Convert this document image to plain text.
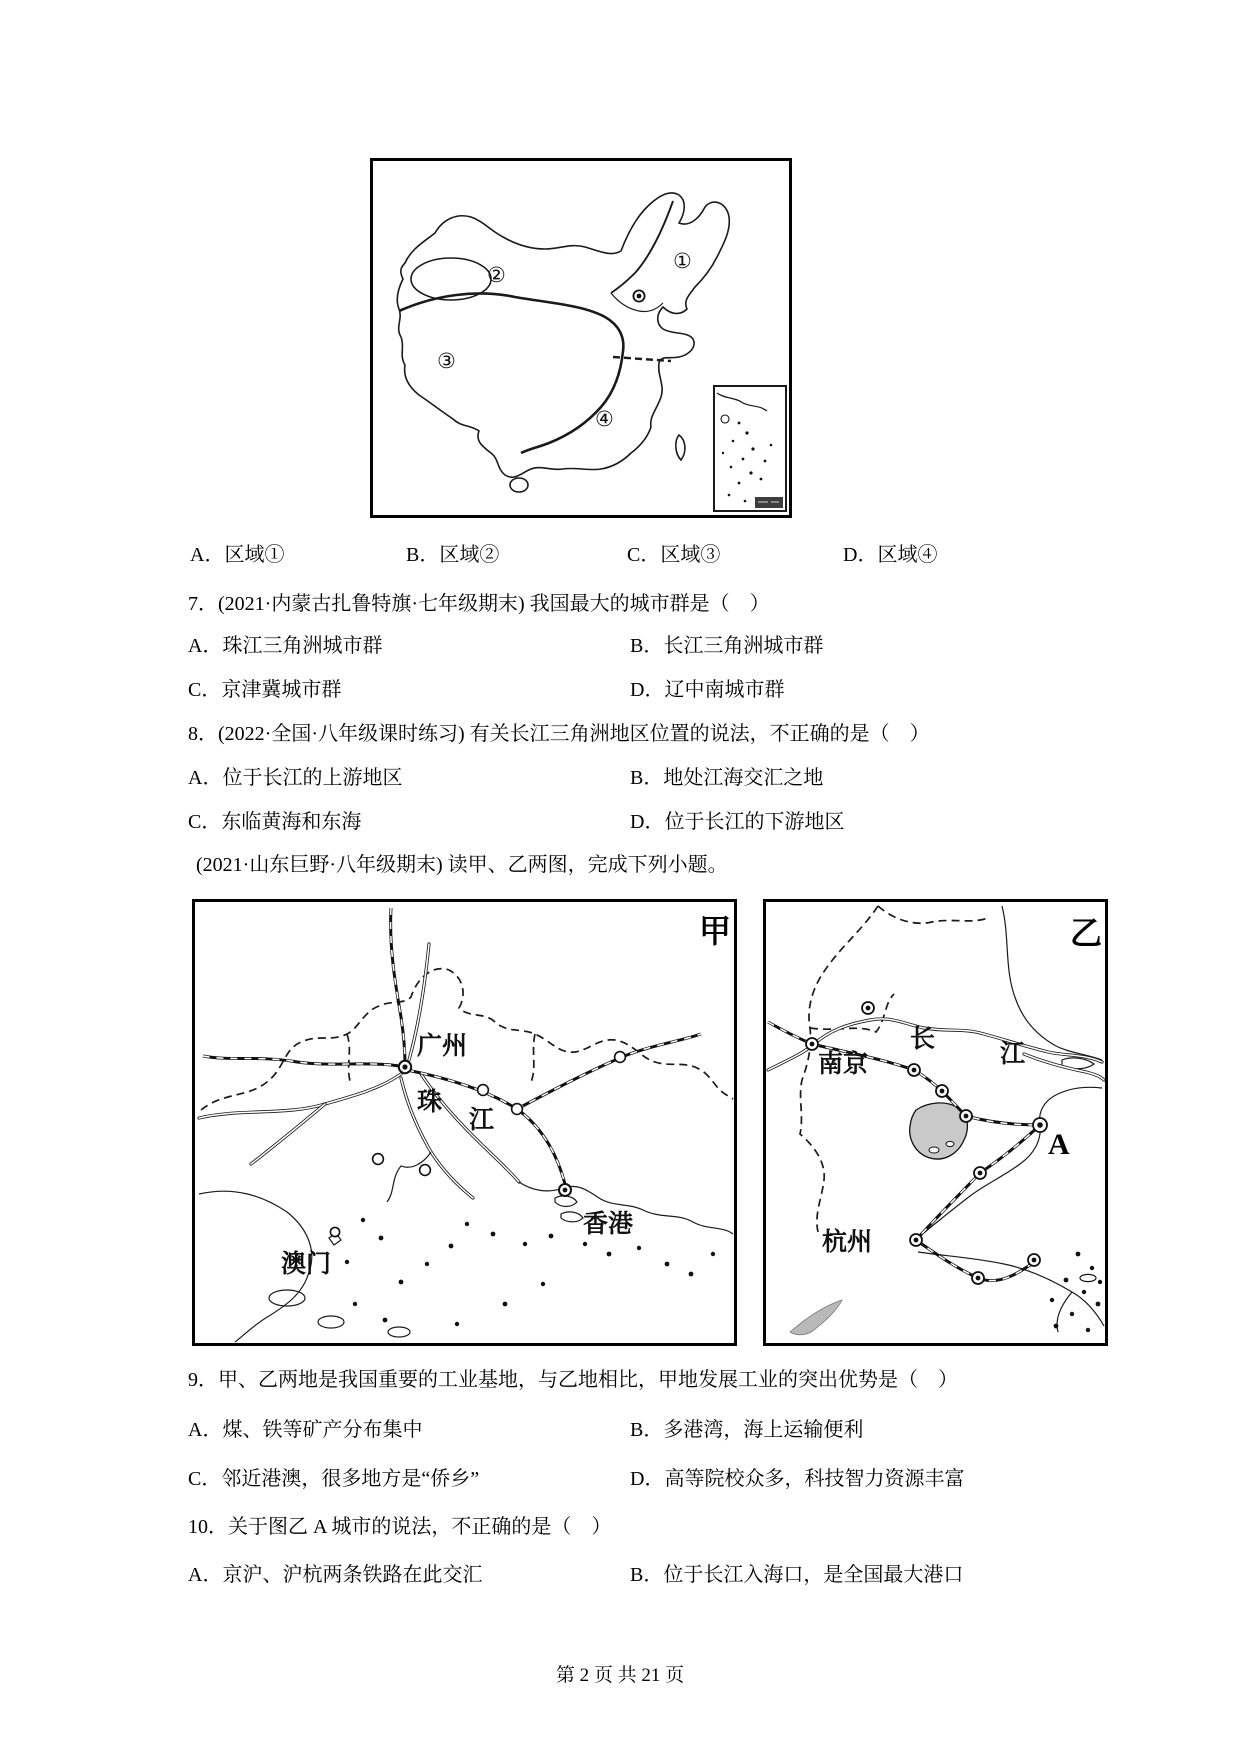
①
②
③
④
A．区域①	B．区域②	C．区域③	D．区域④
7．(2021·内蒙古扎鲁特旗·七年级期末) 我国最大的城市群是（　）
A．珠江三角洲城市群	B．长江三角洲城市群
C．京津冀城市群	D．辽中南城市群
8．(2022·全国·八年级课时练习) 有关长江三角洲地区位置的说法，不正确的是（　）
A．位于长江的上游地区	B．地处江海交汇之地
C．东临黄海和东海	D．位于长江的下游地区
(2021·山东巨野·八年级期末) 读甲、乙两图，完成下列小题。
广州
珠
江
香港
澳门
甲
南京
长
江
杭州
A
乙
9．甲、乙两地是我国重要的工业基地，与乙地相比，甲地发展工业的突出优势是（　）
A．煤、铁等矿产分布集中	B．多港湾，海上运输便利
C．邻近港澳，很多地方是“侨乡”	D．高等院校众多，科技智力资源丰富
10．关于图乙 A 城市的说法，不正确的是（　）
A．京沪、沪杭两条铁路在此交汇	B．位于长江入海口，是全国最大港口
第 2 页 共 21 页
